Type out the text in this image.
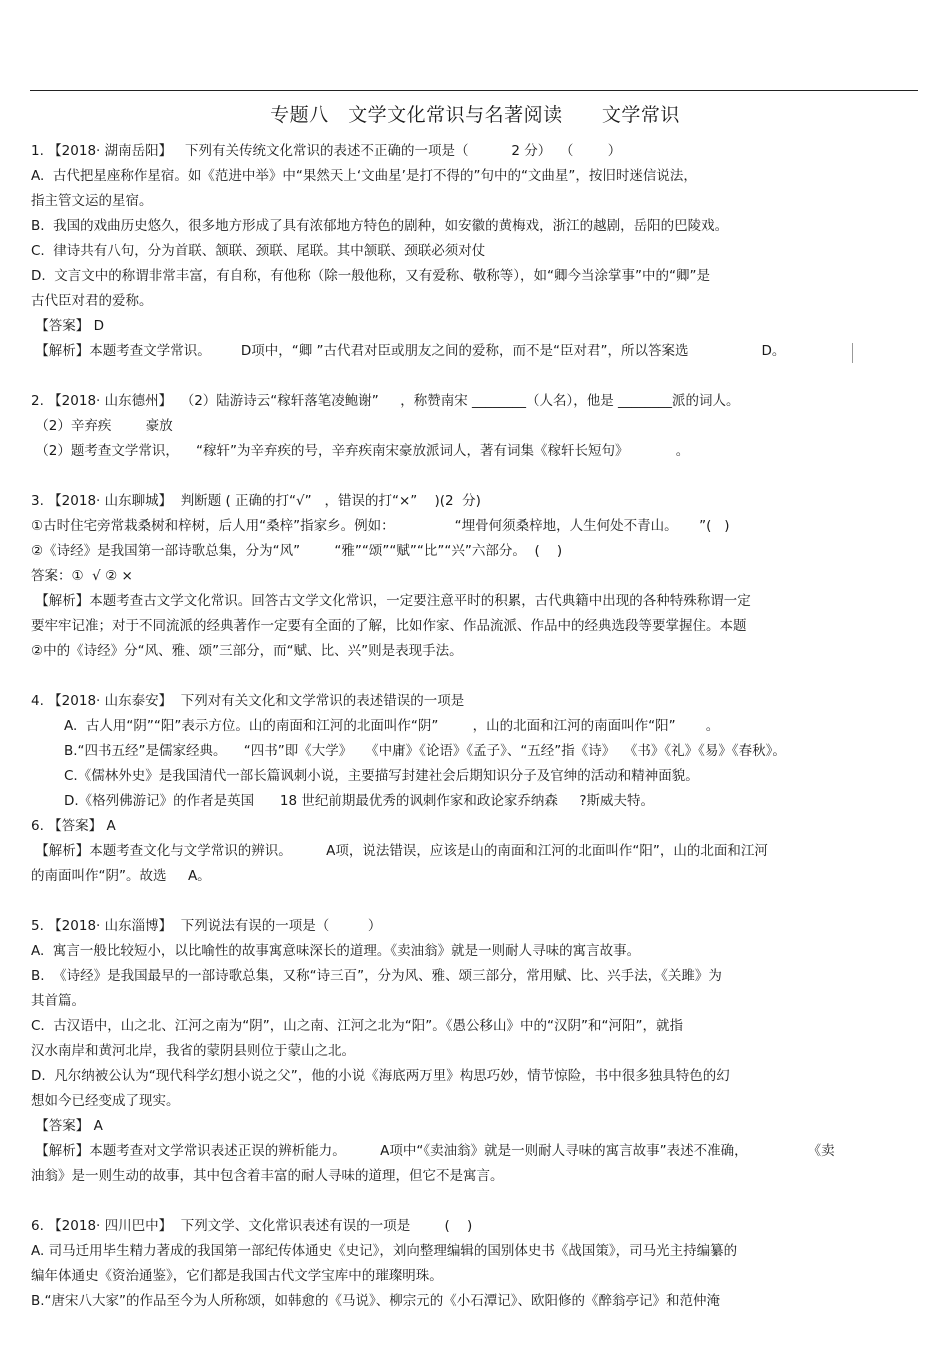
专题八   文学文化常识与名著阅读      文学常识
1. 【2018· 湖南岳阳】   下列有关传统文化常识的表述不正确的一项是（          2 分）  （        ）
A.  古代把星座称作星宿。如《范进中举》中“果然天上‘文曲星’是打不得的”句中的“文曲星”，按旧时迷信说法，
指主管文运的星宿。
B.  我国的戏曲历史悠久，很多地方形成了具有浓郁地方特色的剧种，如安徽的黄梅戏，浙江的越剧，岳阳的巴陵戏。
C.  律诗共有八句，分为首联、颔联、颈联、尾联。其中颔联、颈联必须对仗
D.  文言文中的称谓非常丰富，有自称，有他称（除一般他称，又有爱称、敬称等），如“卿今当涂掌事”中的“卿”是
古代臣对君的爱称。
【答案】 D
【解析】本题考查文学常识。       D项中，“卿 ”古代君对臣或朋友之间的爱称，而不是“臣对君”，所以答案选                 D。
2. 【2018· 山东德州】  （2）陆游诗云“稼轩落笔凌鲍谢”     ，称赞南宋 ________（人名），他是 ________派的词人。
（2）辛弃疾        豪放
（2）题考查文学常识，    “稼轩”为辛弃疾的号，辛弃疾南宋豪放派词人，著有词集《稼轩长短句》           。
3. 【2018· 山东聊城】  判断题 ( 正确的打“√”   ，错误的打“×”    )(2  分)
①古时住宅旁常栽桑树和梓树，后人用“桑梓”指家乡。例如：              “埋骨何须桑梓地，人生何处不青山。     ”(   )
②《诗经》是我国第一部诗歌总集，分为“风”        “雅”“颂”“赋”“比”“兴”六部分。  (    )
答案：①  √ ② ×
【解析】本题考查古文学文化常识。回答古文学文化常识，一定要注意平时的积累，古代典籍中出现的各种特殊称谓一定
要牢牢记准；对于不同流派的经典著作一定要有全面的了解，比如作家、作品流派、作品中的经典选段等要掌握住。本题
②中的《诗经》分“风、雅、颂”三部分，而“赋、比、兴”则是表现手法。
4. 【2018· 山东泰安】  下列对有关文化和文学常识的表述错误的一项是
A.  古人用“阴”“阳”表示方位。山的南面和江河的北面叫作“阴”        ，山的北面和江河的南面叫作“阳”       。
B.“四书五经”是儒家经典。    “四书”即《大学》   《中庸》《论语》《孟子》、“五经”指《诗》  《书》《礼》《易》《春秋》。
C.《儒林外史》是我国清代一部长篇讽刺小说，主要描写封建社会后期知识分子及官绅的活动和精神面貌。
D.《格列佛游记》的作者是英国      18 世纪前期最优秀的讽刺作家和政论家乔纳森     ?斯威夫特。
6. 【答案】 A
【解析】本题考查文化与文学常识的辨识。        A项，说法错误，应该是山的南面和江河的北面叫作“阳”，山的北面和江河
的南面叫作“阴”。故选     A。
5. 【2018· 山东淄博】  下列说法有误的一项是（         ）
A.  寓言一般比较短小，以比喻性的故事寓意味深长的道理。《卖油翁》就是一则耐人寻味的寓言故事。
B.  《诗经》是我国最早的一部诗歌总集，又称“诗三百”，分为风、雅、颂三部分，常用赋、比、兴手法，《关雎》为
其首篇。
C.  古汉语中，山之北、江河之南为“阴”，山之南、江河之北为“阳”。《愚公移山》中的“汉阴”和“河阳”，就指
汉水南岸和黄河北岸，我省的蒙阴县则位于蒙山之北。
D.  凡尔纳被公认为“现代科学幻想小说之父”，他的小说《海底两万里》构思巧妙，情节惊险，书中很多独具特色的幻
想如今已经变成了现实。
【答案】 A
【解析】本题考查对文学常识表述正误的辨析能力。        A项中“《卖油翁》就是一则耐人寻味的寓言故事”表述不准确，              《卖
油翁》是一则生动的故事，其中包含着丰富的耐人寻味的道理，但它不是寓言。
6. 【2018· 四川巴中】  下列文学、文化常识表述有误的一项是        (    )
A. 司马迁用毕生精力著成的我国第一部纪传体通史《史记》，刘向整理编辑的国别体史书《战国策》，司马光主持编纂的
编年体通史《资治通鉴》，它们都是我国古代文学宝库中的璀璨明珠。
B.“唐宋八大家”的作品至今为人所称颂，如韩愈的《马说》、柳宗元的《小石潭记》、欧阳修的《醉翁亭记》和范仲淹
